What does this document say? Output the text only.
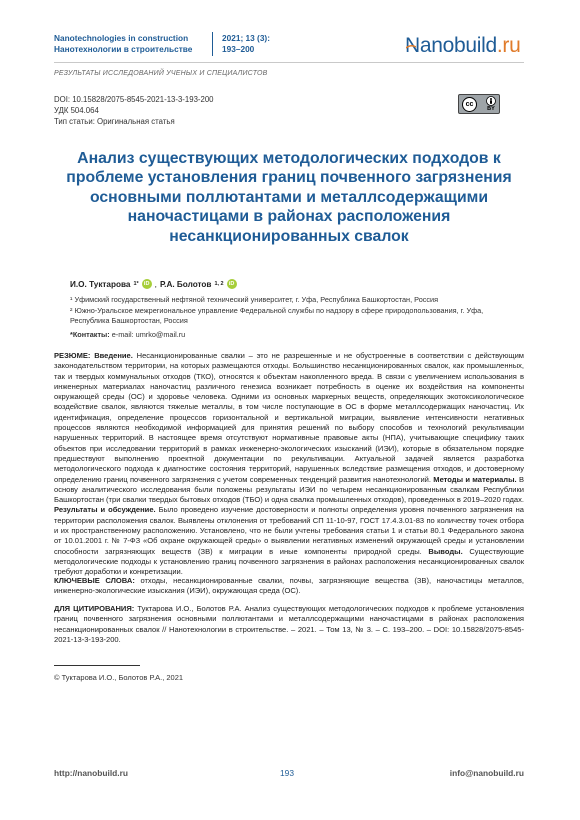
Nanotechnologies in construction
Нанотехнологии в строительстве
2021; 13 (3):
193–200	Nanobuild.ru
РЕЗУЛЬТАТЫ ИССЛЕДОВАНИЙ УЧЕНЫХ И СПЕЦИАЛИСТОВ
DOI: 10.15828/2075-8545-2021-13-3-193-200
УДК 504.064
Тип статьи: Оригинальная статья
cc
BY
Анализ существующих методологических подходов к проблеме установления границ почвенного загрязнения основными поллютантами и металлсодержащими наночастицами в районах расположения несанкционированных свалок
И.О. Туктарова 1* iD , Р.А. Болотов 1, 2 iD
¹ Уфимский государственный нефтяной технический университет, г. Уфа, Республика Башкортостан, Россия
² Южно-Уральское межрегиональное управление Федеральной службы по надзору в сфере природопользования, г. Уфа, Республика Башкортостан, Россия
*Контакты: e-mail: umrko@mail.ru
РЕЗЮМЕ: Введение. Несанкционированные свалки – это не разрешенные и не обустроенные в соответствии с действующим законодательством территории, на которых размещаются отходы. Большинство несанкционированных свалок, как промышленных, так и твердых коммунальных отходов (ТКО), относятся к объектам накопленного вреда. В связи с увеличением использования в инженерных материалах наночастиц различного генезиса возникает потребность в оценке их воздействия на компоненты окружающей среды (ОС) и здоровье человека. Одними из основных маркерных веществ, определяющих экотоксикологическое воздействие свалок, являются тяжелые металлы, в том числе поступающие в ОС в форме металлсодержащих наночастиц. Их идентификация, определение процессов горизонтальной и вертикальной миграции, выявление интенсивности негативных процессов являются необходимой информацией для принятия решений по выбору способов и технологий рекультивации нарушенных территорий. В настоящее время отсутствуют нормативные правовые акты (НПА), учитывающие специфику таких объектов при исследовании территорий в рамках инженерно-экологических изысканий (ИЭИ), которые в обязательном порядке предшествуют выполнению проектной документации по рекультивации. Актуальной задачей является разработка методологического подхода к диагностике состояния территорий, нарушенных вследствие размещения отходов, и достоверному определению границ почвенного загрязнения с учетом современных тенденций развития нанотехнологий. Методы и материалы. В основу аналитического исследования были положены результаты ИЭИ по четырем несанкционированным свалкам Республики Башкортостан (три свалки твердых бытовых отходов (ТБО) и одна свалка промышленных отходов), проведенных в 2019–2020 годах. Результаты и обсуждение. Было проведено изучение достоверности и полноты определения уровня почвенного загрязнения на территории расположения свалок. Выявлены отклонения от требований СП 11-10-97, ГОСТ 17.4.3.01-83 по количеству точек отбора и их пространственному расположению. Установлено, что не были учтены требования статьи 1 и статьи 80.1 Федерального закона от 10.01.2001 г. № 7-ФЗ «Об охране окружающей среды» о выявлении негативных изменений окружающей среды и установлении способности загрязняющих веществ (ЗВ) к миграции в иные компоненты природной среды. Выводы. Существующие методологические подходы к установлению границ почвенного загрязнения в районах расположения несанкционированных свалок требуют доработки и конкретизации.
КЛЮЧЕВЫЕ СЛОВА: отходы, несанкционированные свалки, почвы, загрязняющие вещества (ЗВ), наночастицы металлов, инженерно-экологические изыскания (ИЭИ), окружающая среда (ОС).
ДЛЯ ЦИТИРОВАНИЯ: Туктарова И.О., Болотов Р.А. Анализ существующих методологических подходов к проблеме установления границ почвенного загрязнения основными поллютантами и металлсодержащими наночастицами в районах расположения несанкционированных свалок // Нанотехнологии в строительстве. – 2021. – Том 13, № 3. – С. 193–200. – DOI: 10.15828/2075-8545-2021-13-3-193-200.
© Туктарова И.О., Болотов Р.А., 2021
http://nanobuild.ru	193	info@nanobuild.ru
